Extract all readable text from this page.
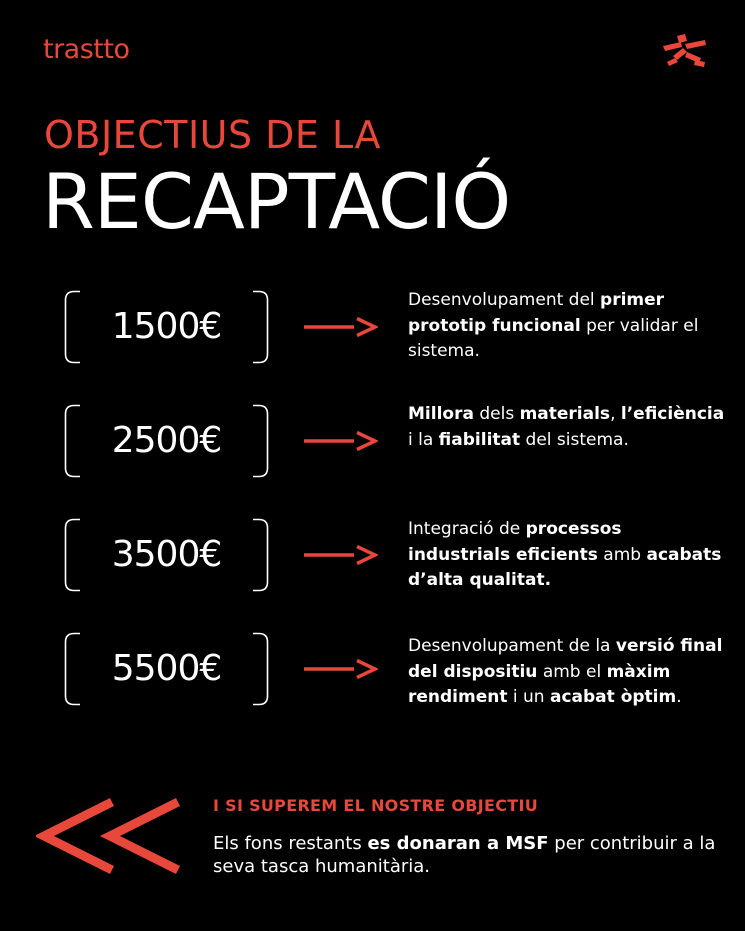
trastto
OBJECTIUS DE LA
RECAPTACIÓ
1500€
Desenvolupament del primer prototip funcional per validar el sistema.
2500€
Millora dels materials, l’eficiència i la fiabilitat del sistema.
3500€
Integració de processos industrials eficients amb acabats d’alta qualitat.
5500€
Desenvolupament de la versió final del dispositiu amb el màxim rendiment i un acabat òptim.
I SI SUPEREM EL NOSTRE OBJECTIU
Els fons restants es donaran a MSF per contribuir a la seva tasca humanitària.
